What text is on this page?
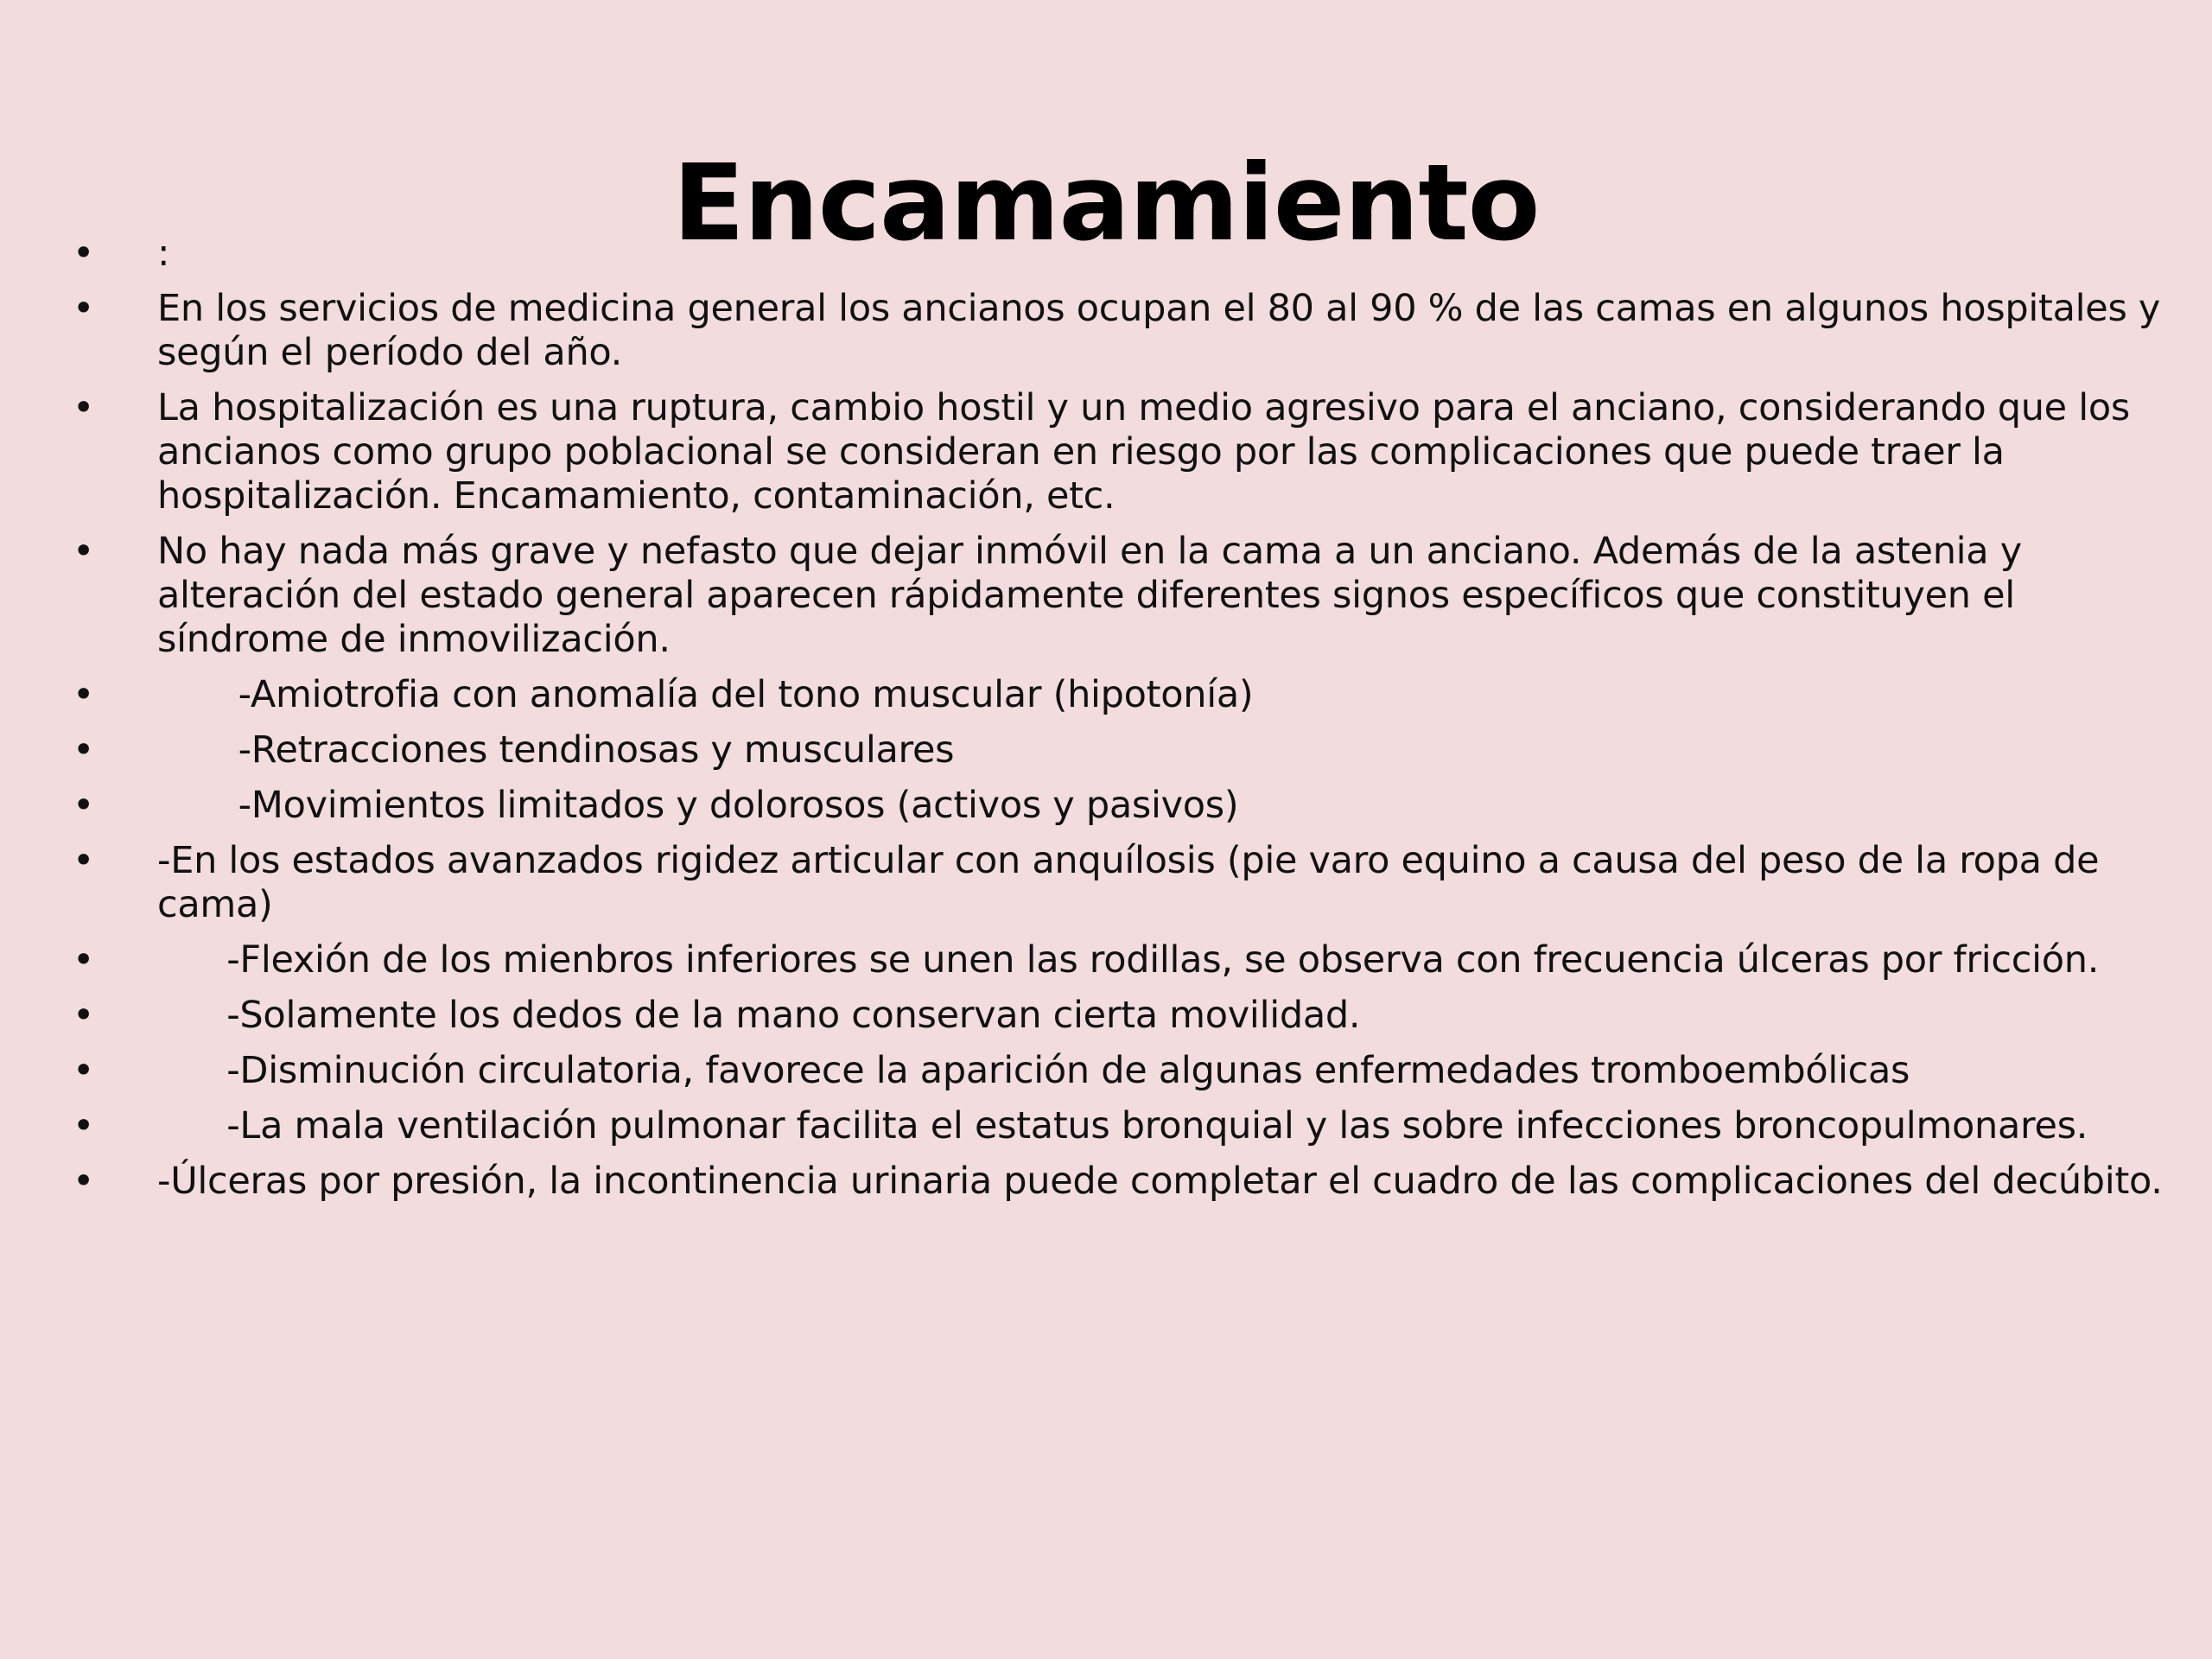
Encamamiento
• :
• En los servicios de medicina general los ancianos ocupan el 80 al 90 % de las camas en algunos hospitales y según el período del año.
• La hospitalización es una ruptura, cambio hostil y un medio agresivo para el anciano, considerando que los ancianos como grupo poblacional se consideran en riesgo por las complicaciones que puede traer la hospitalización. Encamamiento, contaminación, etc.
• No hay nada más grave y nefasto que dejar inmóvil en la cama a un anciano. Además de la astenia y alteración del estado general aparecen rápidamente diferentes signos específicos que constituyen el síndrome de inmovilización.
• -Amiotrofia con anomalía del tono muscular (hipotonía)
• -Retracciones tendinosas y musculares
• -Movimientos limitados y dolorosos (activos y pasivos)
• -En los estados avanzados rigidez articular con anquílosis (pie varo equino a causa del peso de la ropa de cama)
• -Flexión de los mienbros inferiores se unen las rodillas, se observa con frecuencia úlceras por fricción.
• -Solamente los dedos de la mano conservan cierta movilidad.
• -Disminución circulatoria, favorece la aparición de algunas enfermedades tromboembólicas
• -La mala ventilación pulmonar facilita el estatus bronquial y las sobre infecciones broncopulmonares.
• -Úlceras por presión, la incontinencia urinaria puede completar el cuadro de las complicaciones del decúbito.
